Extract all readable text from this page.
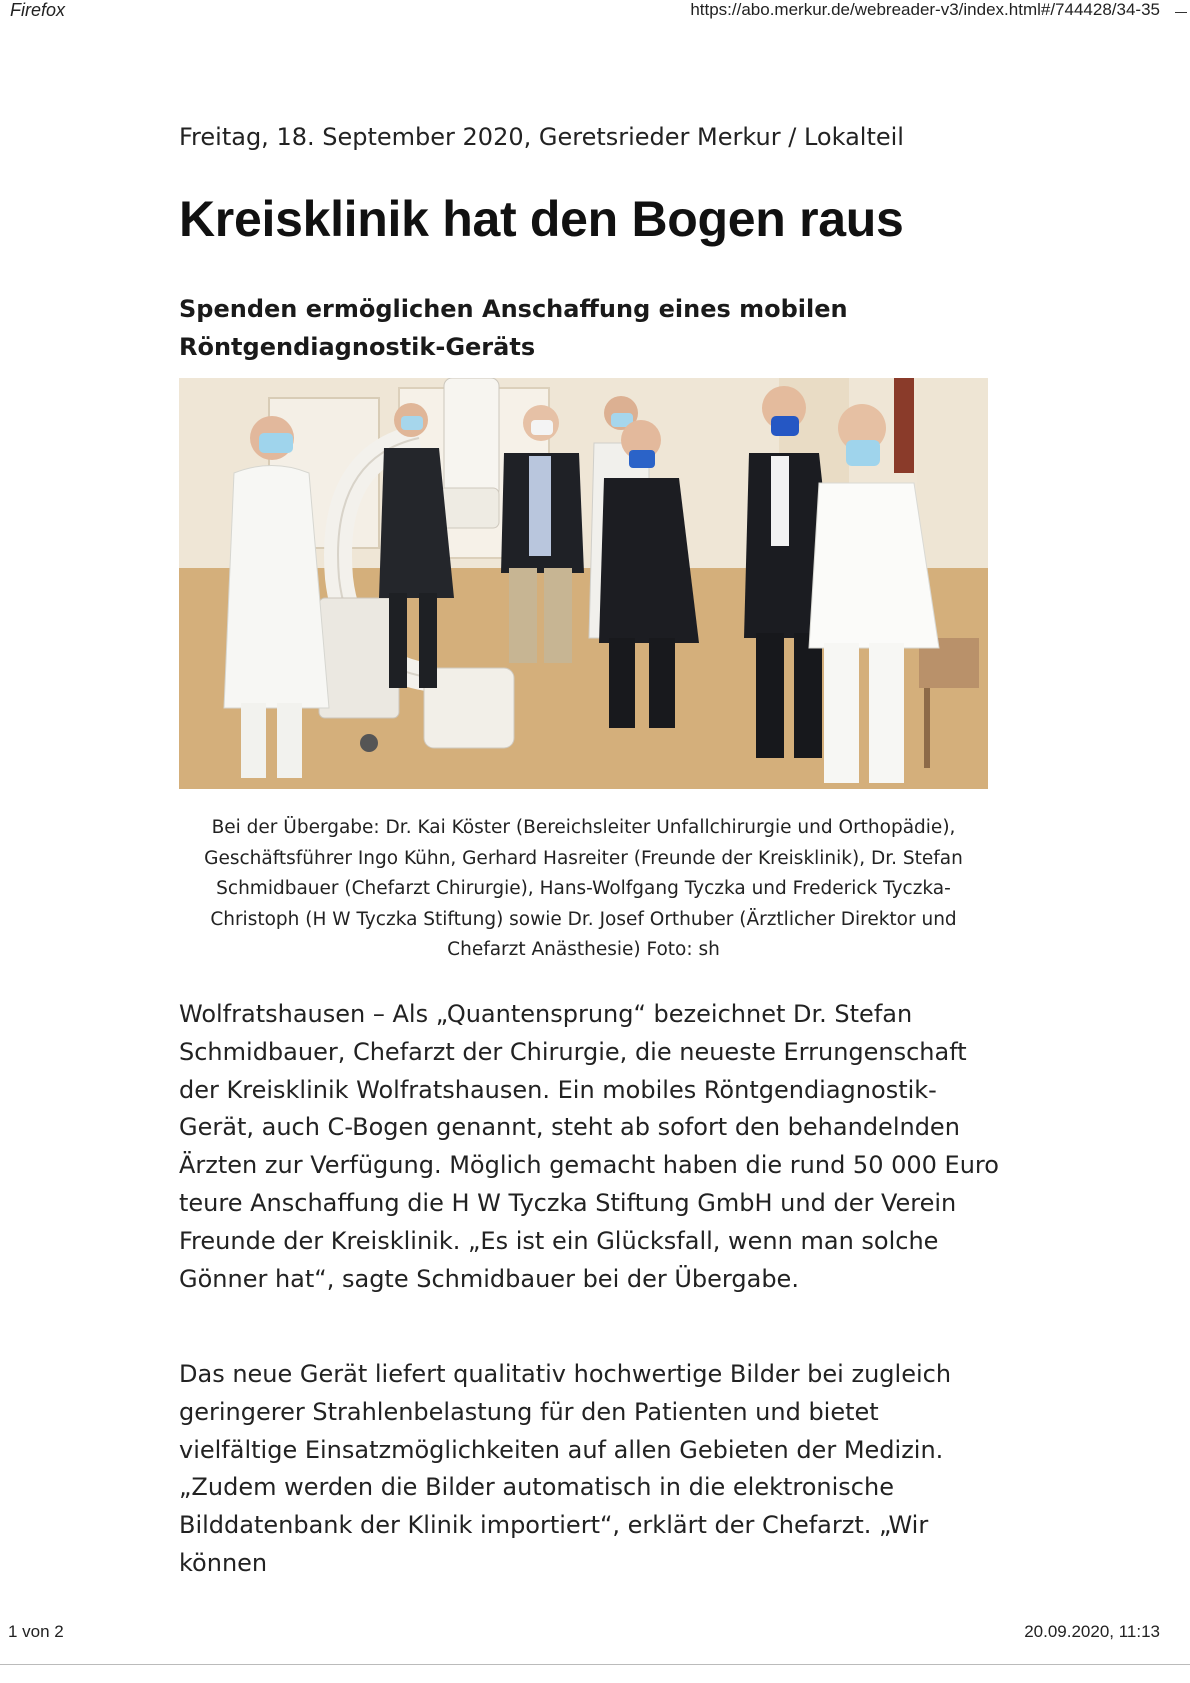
Firefox	https://abo.merkur.de/webreader-v3/index.html#/744428/34-35
Freitag, 18. September 2020, Geretsrieder Merkur / Lokalteil
Kreisklinik hat den Bogen raus
Spenden ermöglichen Anschaffung eines mobilen Röntgendiagnostik-Geräts
Bei der Übergabe: Dr. Kai Köster (Bereichsleiter Unfallchirurgie und Orthopädie), Geschäftsführer Ingo Kühn, Gerhard Hasreiter (Freunde der Kreisklinik), Dr. Stefan Schmidbauer (Chefarzt Chirurgie), Hans-Wolfgang Tyczka und Frederick Tyczka-Christoph (H W Tyczka Stiftung) sowie Dr. Josef Orthuber (Ärztlicher Direktor und Chefarzt Anästhesie) Foto: sh
Wolfratshausen – Als „Quantensprung“ bezeichnet Dr. Stefan Schmidbauer, Chefarzt der Chirurgie, die neueste Errungenschaft der Kreisklinik Wolfratshausen. Ein mobiles Röntgendiagnostik-Gerät, auch C-Bogen genannt, steht ab sofort den behandelnden Ärzten zur Verfügung. Möglich gemacht haben die rund 50 000 Euro teure Anschaffung die H W Tyczka Stiftung GmbH und der Verein Freunde der Kreisklinik. „Es ist ein Glücksfall, wenn man solche Gönner hat“, sagte Schmidbauer bei der Übergabe.
Das neue Gerät liefert qualitativ hochwertige Bilder bei zugleich geringerer Strahlenbelastung für den Patienten und bietet vielfältige Einsatzmöglichkeiten auf allen Gebieten der Medizin. „Zudem werden die Bilder automatisch in die elektronische Bilddatenbank der Klinik importiert“, erklärt der Chefarzt. „Wir können
1 von 2	20.09.2020, 11:13
